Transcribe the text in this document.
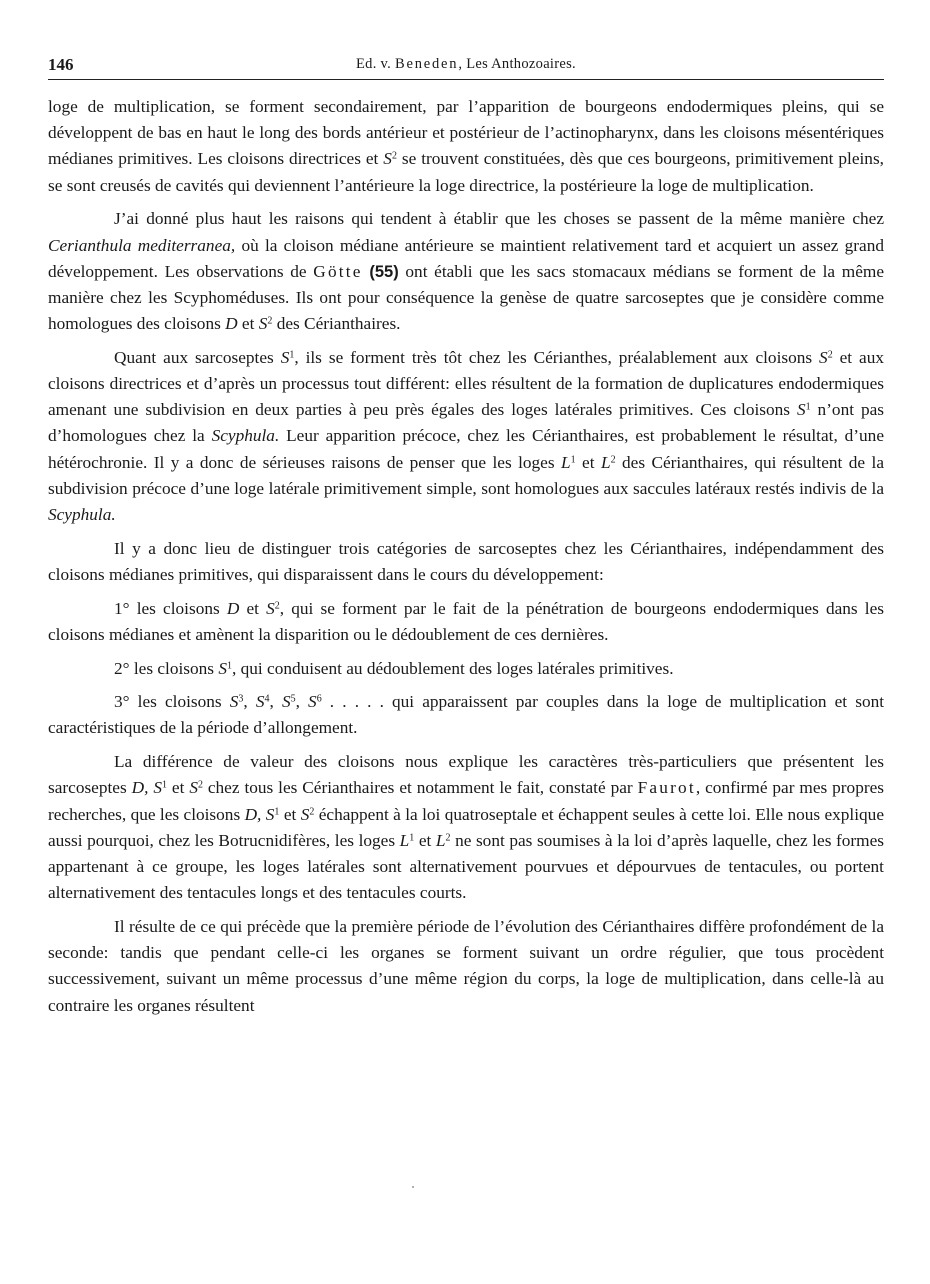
146	Ed. v. Beneden, Les Anthozoaires.

loge de multiplication, se forment secondairement, par l’apparition de bourgeons endodermiques pleins, qui se développent de bas en haut le long des bords antérieur et postérieur de l’actinopharynx, dans les cloisons mésentériques médianes primitives. Les cloisons directrices et $S^2$ se trouvent constituées, dès que ces bourgeons, primitivement pleins, se sont creusés de cavités qui deviennent l’antérieure la loge directrice, la postérieure la loge de multiplication.

J’ai donné plus haut les raisons qui tendent à établir que les choses se passent de la même manière chez Cerianthula mediterranea, où la cloison médiane antérieure se maintient relativement tard et acquiert un assez grand développement. Les observations de Götte (55) ont établi que les sacs stomacaux médians se forment de la même manière chez les Scyphoméduses. Ils ont pour conséquence la genèse de quatre sarcoseptes que je considère comme homologues des cloisons D et $S^2$ des Cérianthaires.

Quant aux sarcoseptes $S^1$, ils se forment très tôt chez les Cérianthes, préalablement aux cloisons $S^2$ et aux cloisons directrices et d’après un processus tout différent: elles résultent de la formation de duplicatures endodermiques amenant une subdivision en deux parties à peu près égales des loges latérales primitives. Ces cloisons $S^1$ n’ont pas d’homologues chez la Scyphula. Leur apparition précoce, chez les Cérianthaires, est probablement le résultat, d’une hétérochronie. Il y a donc de sérieuses raisons de penser que les loges $L^1$ et $L^2$ des Cérianthaires, qui résultent de la subdivision précoce d’une loge latérale primitivement simple, sont homologues aux saccules latéraux restés indivis de la Scyphula.

Il y a donc lieu de distinguer trois catégories de sarcoseptes chez les Cérianthaires, indépendamment des cloisons médianes primitives, qui disparaissent dans le cours du développement:

1° les cloisons D et $S^2$, qui se forment par le fait de la pénétration de bourgeons endodermiques dans les cloisons médianes et amènent la disparition ou le dédoublement de ces dernières.

2° les cloisons $S^1$, qui conduisent au dédoublement des loges latérales primitives.

3° les cloisons $S^3$, $S^4$, $S^5$, $S^6$ . . . . . qui apparaissent par couples dans la loge de multiplication et sont caractéristiques de la période d’allongement.

La différence de valeur des cloisons nous explique les caractères très-particuliers que présentent les sarcoseptes D, $S^1$ et $S^2$ chez tous les Cérianthaires et notamment le fait, constaté par Faurot, confirmé par mes propres recherches, que les cloisons D, $S^1$ et $S^2$ échappent à la loi quatroseptale et échappent seules à cette loi. Elle nous explique aussi pourquoi, chez les Botrucnidifères, les loges $L^1$ et $L^2$ ne sont pas soumises à la loi d’après laquelle, chez les formes appartenant à ce groupe, les loges latérales sont alternativement pourvues et dépourvues de tentacules, ou portent alternativement des tentacules longs et des tentacules courts.

Il résulte de ce qui précède que la première période de l’évolution des Cérianthaires diffère profondément de la seconde: tandis que pendant celle-ci les organes se forment suivant un ordre régulier, que tous procèdent successivement, suivant un même processus d’une même région du corps, la loge de multiplication, dans celle-là au contraire les organes résultent
